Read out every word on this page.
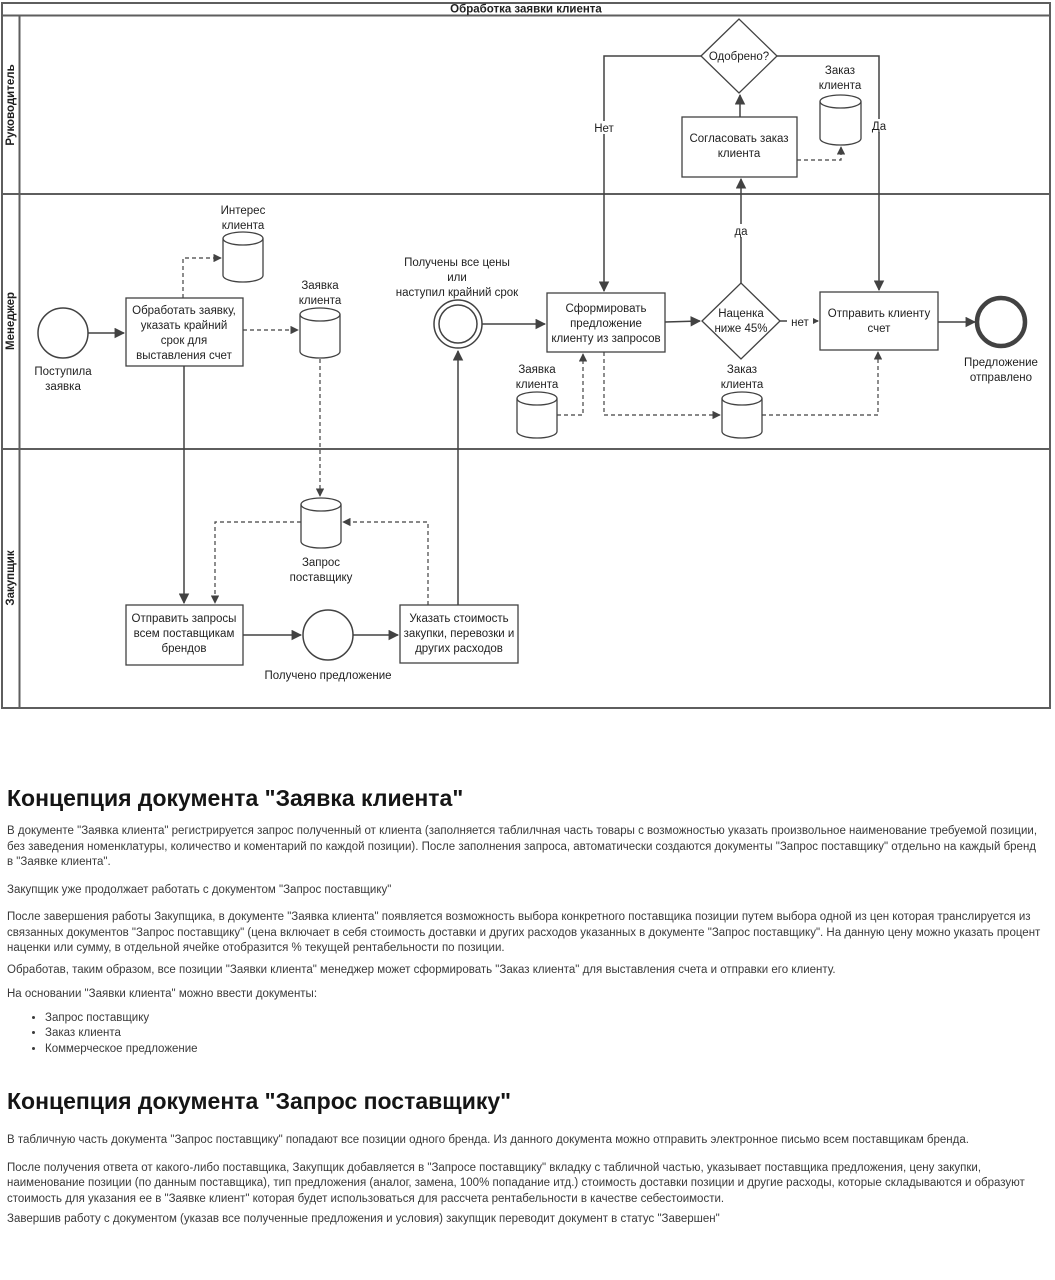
Обработка заявки клиента
Руководитель
Менеджер
Закупщик
Поступила
заявка
Обработать заявку,
указать крайний
срок для
выставления счет
Интерес
клиента
Заявка
клиента
Получены все цены
или
наступил крайний срок
Сформировать
предложение
клиенту из запросов
Наценка
ниже 45%
Отправить клиенту
счет
Предложение
отправлено
Заявка
клиента
Заказ
клиента
Одобрено?
Согласовать заказ
клиента
Заказ
клиента
Отправить запросы
всем поставщикам
брендов
Получено предложение
Указать стоимость
закупки, перевозки и
других расходов
Запрос
поставщику
нет
да
Нет	Да
Концепция документа "Заявка клиента"

В документе "Заявка клиента" регистрируется запрос полученный от клиента (заполняется таблилчная часть товары с возможностью указать произвольное наименование требуемой позиции, без заведения номенклатуры, количество и коментарий по каждой позиции). После заполнения запроса, автоматически создаются документы "Запрос поставщику" отдельно на каждый бренд в "Заявке клиента".

Закупщик уже продолжает работать с документом "Запрос поставщику"

После завершения работы Закупщика, в документе "Заявка клиента" появляется возможность выбора конкретного поставщика позиции путем выбора одной из цен которая транслируется из связанных документов "Запрос поставщику" (цена включает в себя стоимость доставки и других расходов указанных в документе "Запрос поставщику". На данную цену можно указать процент наценки или сумму, в отдельной ячейке отобразится % текущей рентабельности по позиции.

Обработав, таким образом, все позиции "Заявки клиента" менеджер может сформировать "Заказ клиента" для выставления счета и отправки его клиенту.

На основании "Заявки клиента" можно ввести документы:

• Запрос поставщику
• Заказ клиента
• Коммерческое предложение
Концепция документа "Запрос поставщику"

В табличную часть документа "Запрос поставщику" попадают все позиции одного бренда. Из данного документа можно отправить электронное письмо всем поставщикам бренда.

После получения ответа от какого-либо поставщика, Закупщик добавляется в "Запросе поставщику" вкладку с табличной частью, указывает поставщика предложения, цену закупки, наименование позиции (по данным поставщика), тип предложения (аналог, замена, 100% попадание итд.) стоимость доставки позиции и другие расходы, которые складываются и образуют стоимость для указания ее в "Заявке клиент" которая будет использоваться для рассчета рентабельности в качестве себестоимости.

Завершив работу с документом (указав все полученные предложения и условия) закупщик переводит документ в статус "Завершен"
